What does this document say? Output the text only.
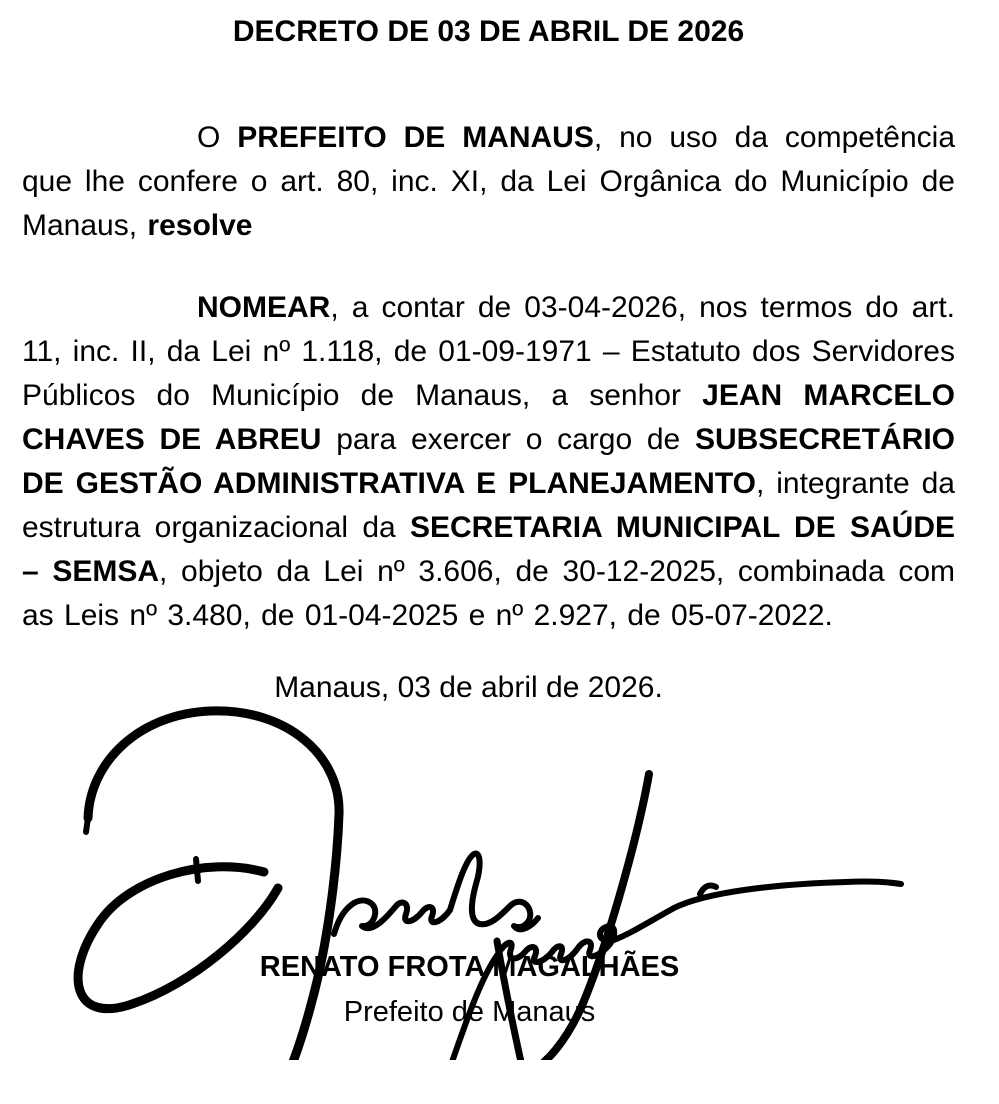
DECRETO DE 03 DE ABRIL DE 2026

O PREFEITO DE MANAUS, no uso da competência que lhe confere o art. 80, inc. XI, da Lei Orgânica do Município de Manaus, resolve

NOMEAR, a contar de 03-04-2026, nos termos do art. 11, inc. II, da Lei nº 1.118, de 01-09-1971 – Estatuto dos Servidores Públicos do Município de Manaus, a senhor JEAN MARCELO CHAVES DE ABREU para exercer o cargo de SUBSECRETÁRIO DE GESTÃO ADMINISTRATIVA E PLANEJAMENTO, integrante da estrutura organizacional da SECRETARIA MUNICIPAL DE SAÚDE – SEMSA, objeto da Lei nº 3.606, de 30-12-2025, combinada com as Leis nº 3.480, de 01-04-2025 e nº 2.927, de 05-07-2022.

Manaus, 03 de abril de 2026.

RENATO FROTA MAGALHÃES
Prefeito de Manaus
